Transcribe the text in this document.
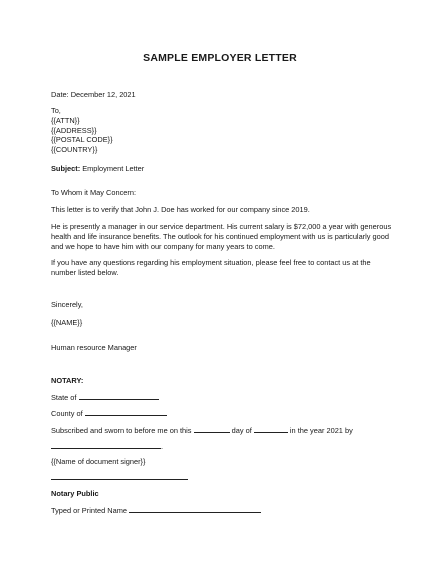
SAMPLE EMPLOYER LETTER
Date: December 12, 2021
To,
{{ATTN}}
{{ADDRESS}}
{{POSTAL CODE}}
{{COUNTRY}}
Subject: Employment Letter
To Whom it May Concern:
This letter is to verify that John J. Doe has worked for our company since 2019.
He is presently a manager in our service department. His current salary is $72,000 a year with generous
health and life insurance benefits. The outlook for his continued employment with us is particularly good
and we hope to have him with our company for many years to come.
If you have any questions regarding his employment situation, please feel free to contact us at the
number listed below.
Sincerely,
{{NAME}}
Human resource Manager
NOTARY:
State of
County of
Subscribed and sworn to before me on this	day of	in the year 2021 by
.
{{Name of document signer}}
Notary Public
Typed or Printed Name
